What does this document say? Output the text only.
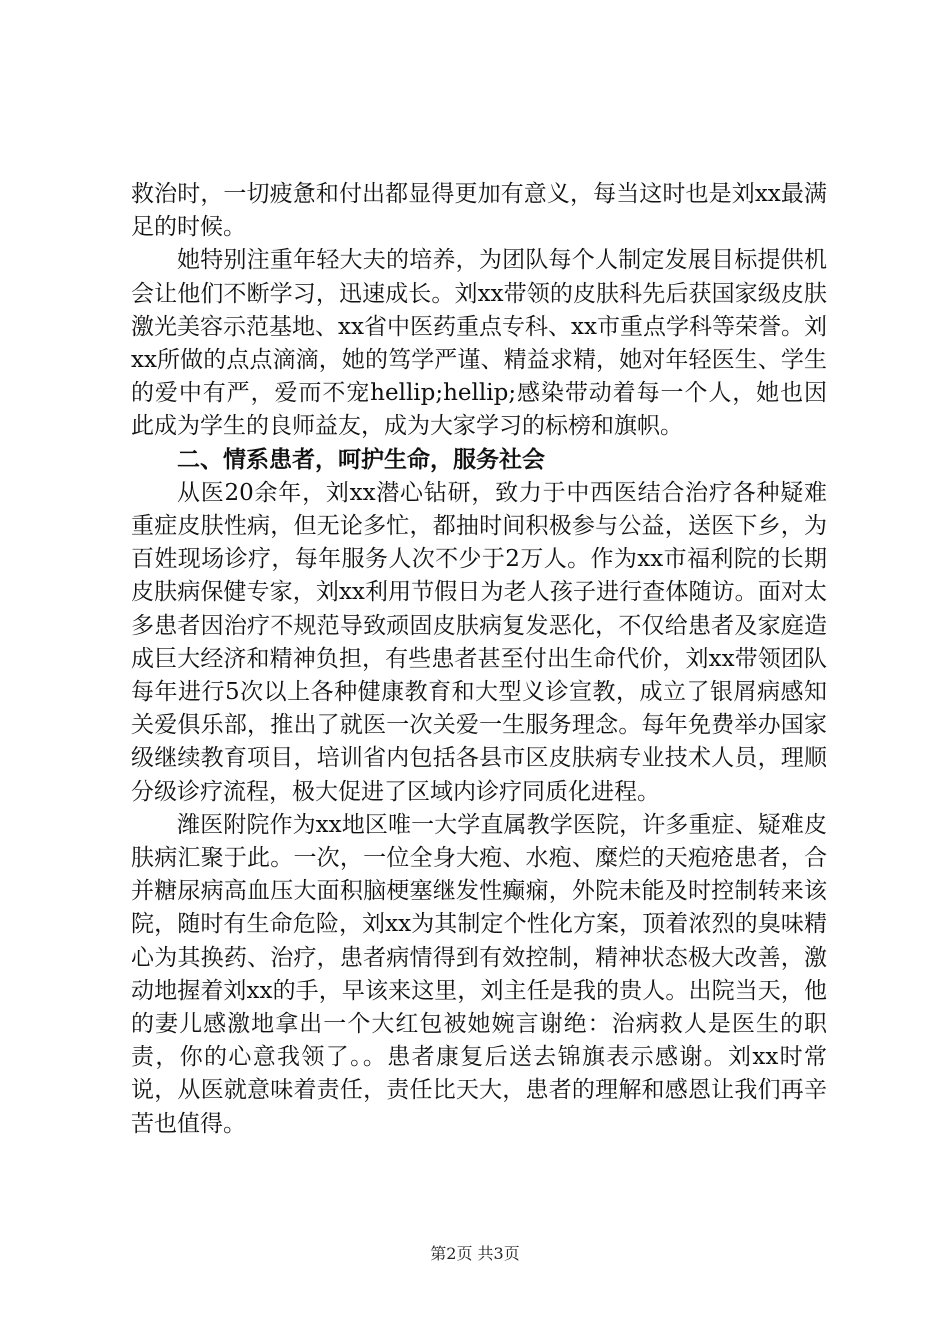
救治时，一切疲惫和付出都显得更加有意义，每当这时也是刘xx最满足的时候。

她特别注重年轻大夫的培养，为团队每个人制定发展目标提供机会让他们不断学习，迅速成长。刘xx带领的皮肤科先后获国家级皮肤激光美容示范基地、xx省中医药重点专科、xx市重点学科等荣誉。刘xx所做的点点滴滴，她的笃学严谨、精益求精，她对年轻医生、学生的爱中有严，爱而不宠hellip;hellip;感染带动着每一个人，她也因此成为学生的良师益友，成为大家学习的标榜和旗帜。

二、情系患者，呵护生命，服务社会

从医20余年，刘xx潜心钻研，致力于中西医结合治疗各种疑难重症皮肤性病，但无论多忙，都抽时间积极参与公益，送医下乡，为百姓现场诊疗，每年服务人次不少于2万人。作为xx市福利院的长期皮肤病保健专家，刘xx利用节假日为老人孩子进行查体随访。面对太多患者因治疗不规范导致顽固皮肤病复发恶化，不仅给患者及家庭造成巨大经济和精神负担，有些患者甚至付出生命代价，刘xx带领团队每年进行5次以上各种健康教育和大型义诊宣教，成立了银屑病感知关爱俱乐部，推出了就医一次关爱一生服务理念。每年免费举办国家级继续教育项目，培训省内包括各县市区皮肤病专业技术人员，理顺分级诊疗流程，极大促进了区域内诊疗同质化进程。

潍医附院作为xx地区唯一大学直属教学医院，许多重症、疑难皮肤病汇聚于此。一次，一位全身大疱、水疱、糜烂的天疱疮患者，合并糖尿病高血压大面积脑梗塞继发性癫痫，外院未能及时控制转来该院，随时有生命危险，刘xx为其制定个性化方案，顶着浓烈的臭味精心为其换药、治疗，患者病情得到有效控制，精神状态极大改善，激动地握着刘xx的手，早该来这里，刘主任是我的贵人。出院当天，他的妻儿感激地拿出一个大红包被她婉言谢绝：治病救人是医生的职责，你的心意我领了。。患者康复后送去锦旗表示感谢。刘xx时常说，从医就意味着责任，责任比天大，患者的理解和感恩让我们再辛苦也值得。

第2页 共3页
